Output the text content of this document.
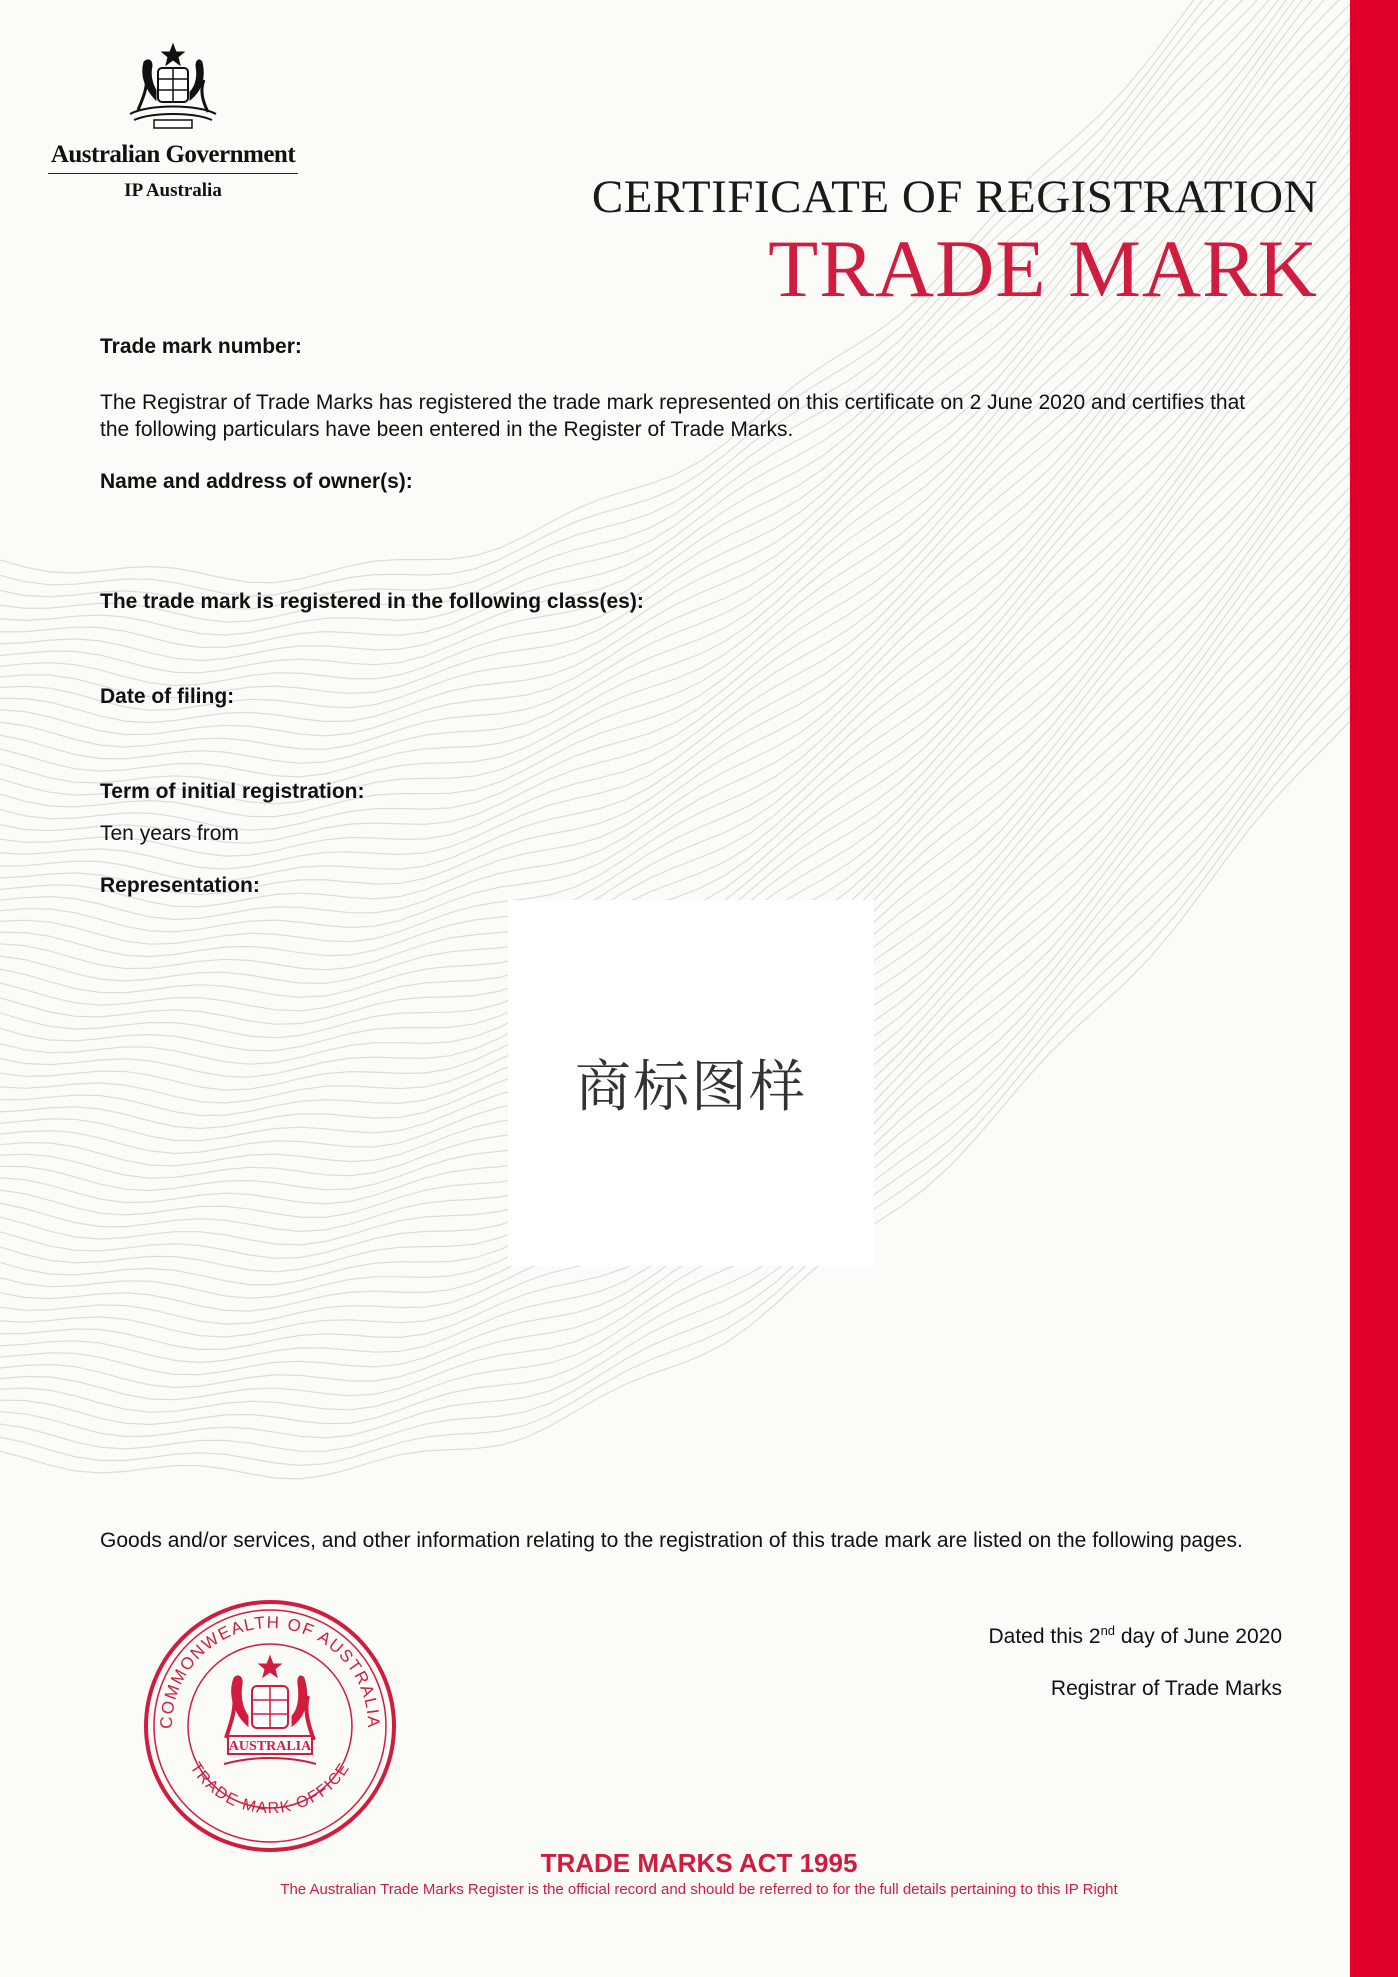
Australian Government
IP Australia	CERTIFICATE OF REGISTRATION
TRADE MARK
Trade mark number:
The Registrar of Trade Marks has registered the trade mark represented on this certificate on 2 June 2020 and certifies that the following particulars have been entered in the Register of Trade Marks.
Name and address of owner(s):
The trade mark is registered in the following class(es):
Date of filing:
Term of initial registration:
Ten years from
Representation:
商标图样
Goods and/or services, and other information relating to the registration of this trade mark are listed on the following pages.
Dated this 2nd day of June 2020
Registrar of Trade Marks
COMMONWEALTH OF AUSTRALIA
TRADE MARK OFFICE
AUSTRALIA
TRADE MARKS ACT 1995
The Australian Trade Marks Register is the official record and should be referred to for the full details pertaining to this IP Right
